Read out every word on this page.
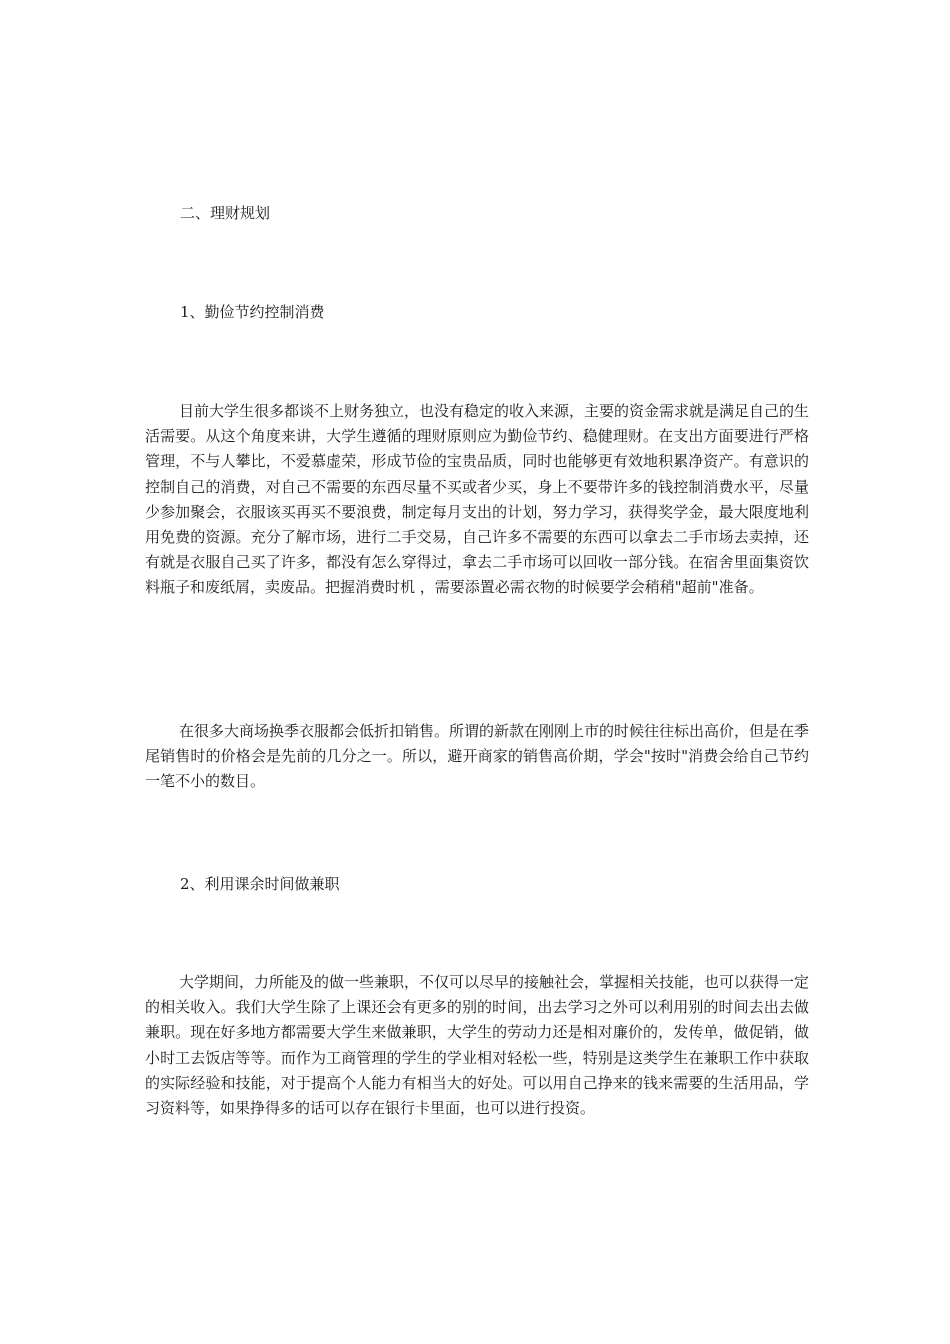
二、理财规划
1、勤俭节约控制消费

目前大学生很多都谈不上财务独立，也没有稳定的收入来源，主要的资金需求就是满足自己的生活需要。从这个角度来讲，大学生遵循的理财原则应为勤俭节约、稳健理财。在支出方面要进行严格管理，不与人攀比，不爱慕虚荣，形成节俭的宝贵品质，同时也能够更有效地积累净资产。有意识的控制自己的消费，对自己不需要的东西尽量不买或者少买，身上不要带许多的钱控制消费水平，尽量少参加聚会，衣服该买再买不要浪费，制定每月支出的计划，努力学习，获得奖学金，最大限度地利用免费的资源。充分了解市场，进行二手交易，自己许多不需要的东西可以拿去二手市场去卖掉，还有就是衣服自己买了许多，都没有怎么穿得过，拿去二手市场可以回收一部分钱。在宿舍里面集资饮料瓶子和废纸屑，卖废品。把握消费时机 ，需要添置必需衣物的时候要学会稍稍"超前"准备。

在很多大商场换季衣服都会低折扣销售。所谓的新款在刚刚上市的时候往往标出高价，但是在季尾销售时的价格会是先前的几分之一。所以，避开商家的销售高价期，学会"按时"消费会给自己节约一笔不小的数目。

2、利用课余时间做兼职

大学期间，力所能及的做一些兼职，不仅可以尽早的接触社会，掌握相关技能，也可以获得一定的相关收入。我们大学生除了上课还会有更多的别的时间，出去学习之外可以利用别的时间去出去做兼职。现在好多地方都需要大学生来做兼职，大学生的劳动力还是相对廉价的，发传单，做促销，做小时工去饭店等等。而作为工商管理的学生的学业相对轻松一些，特别是这类学生在兼职工作中获取的实际经验和技能，对于提高个人能力有相当大的好处。可以用自己挣来的钱来需要的生活用品，学习资料等，如果挣得多的话可以存在银行卡里面，也可以进行投资。
